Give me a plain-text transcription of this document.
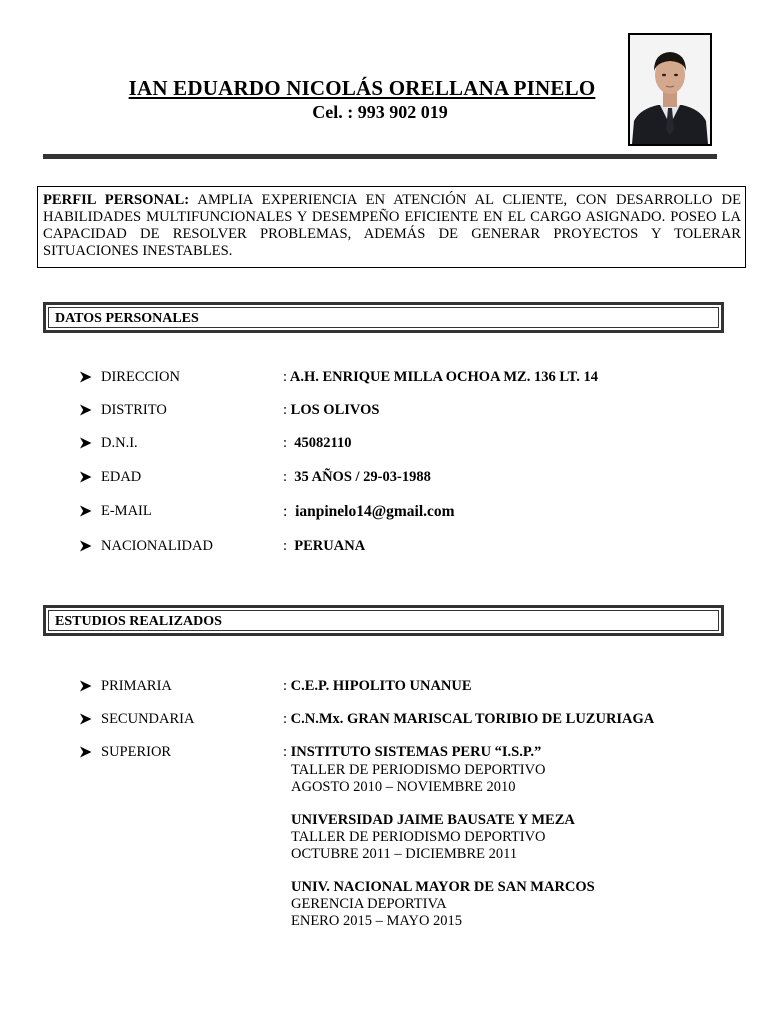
IAN EDUARDO NICOLÁS ORELLANA PINELO
Cel. : 993 902 019
PERFIL PERSONAL: AMPLIA EXPERIENCIA EN ATENCIÓN AL CLIENTE, CON DESARROLLO DE HABILIDADES MULTIFUNCIONALES Y DESEMPEÑO EFICIENTE EN EL CARGO ASIGNADO. POSEO LA CAPACIDAD DE RESOLVER PROBLEMAS, ADEMÁS DE GENERAR PROYECTOS Y TOLERAR SITUACIONES INESTABLES.
DATOS PERSONALES
DIRECCION	: A.H. ENRIQUE MILLA OCHOA MZ. 136 LT. 14
DISTRITO	: LOS OLIVOS
D.N.I.	: 45082110
EDAD	: 35 AÑOS / 29-03-1988
E-MAIL	: ianpinelo14@gmail.com
NACIONALIDAD	: PERUANA
ESTUDIOS REALIZADOS
PRIMARIA	: C.E.P. HIPOLITO UNANUE
SECUNDARIA	: C.N.Mx. GRAN MARISCAL TORIBIO DE LUZURIAGA
SUPERIOR	: INSTITUTO SISTEMAS PERU “I.S.P.”
TALLER DE PERIODISMO DEPORTIVO
AGOSTO 2010 – NOVIEMBRE 2010
UNIVERSIDAD JAIME BAUSATE Y MEZA
TALLER DE PERIODISMO DEPORTIVO
OCTUBRE 2011 – DICIEMBRE 2011
UNIV. NACIONAL MAYOR DE SAN MARCOS
GERENCIA DEPORTIVA
ENERO 2015 – MAYO 2015
